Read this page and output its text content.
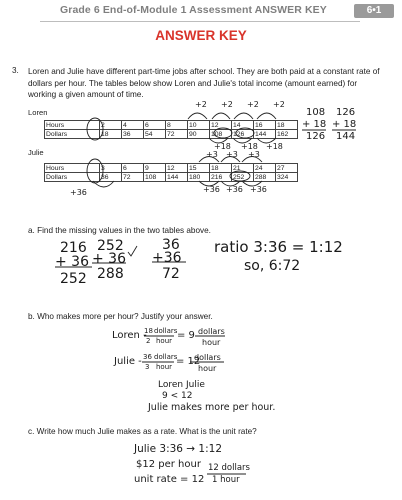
Grade 6 End-of-Module 1 Assessment ANSWER KEY	6•1
ANSWER KEY
3. Loren and Julie have different part-time jobs after school. They are both paid at a constant rate of dollars per hour. The tables below show Loren and Julie's total income (amount earned) for working a given amount of time.
Loren
Hours	2	4	6	8	10	12	14	16	18
Dollars	18	36	54	72	90	108	126	144	162
+2 +2 +2 +2
+18 +18 +18
108
+ 18
126
126
+ 18
144
Julie
Hours	3	6	9	12	15	18	21	24	27
Dollars	36	72	108	144	180	216	252	288	324
+3 +3 +3
+36	+36 +36 +36
a. Find the missing values in the two tables above.
216
+ 36
252
252
+ 36
288
36
+36
72
ratio 3:36 = 1:12
so, 6:72
b. Who makes more per hour? Justify your answer.
Loren -
18 dollars
2 hour = 9 dollars
hour
Julie - 36 dollars
3 hour = 12
dollars
hour
Loren Julie
9 < 12
Julie makes more per hour.
c. Write how much Julie makes as a rate. What is the unit rate?
Julie 3:36 → 1:12
$12 per hour
unit rate = 12
12 dollars
1 hour
